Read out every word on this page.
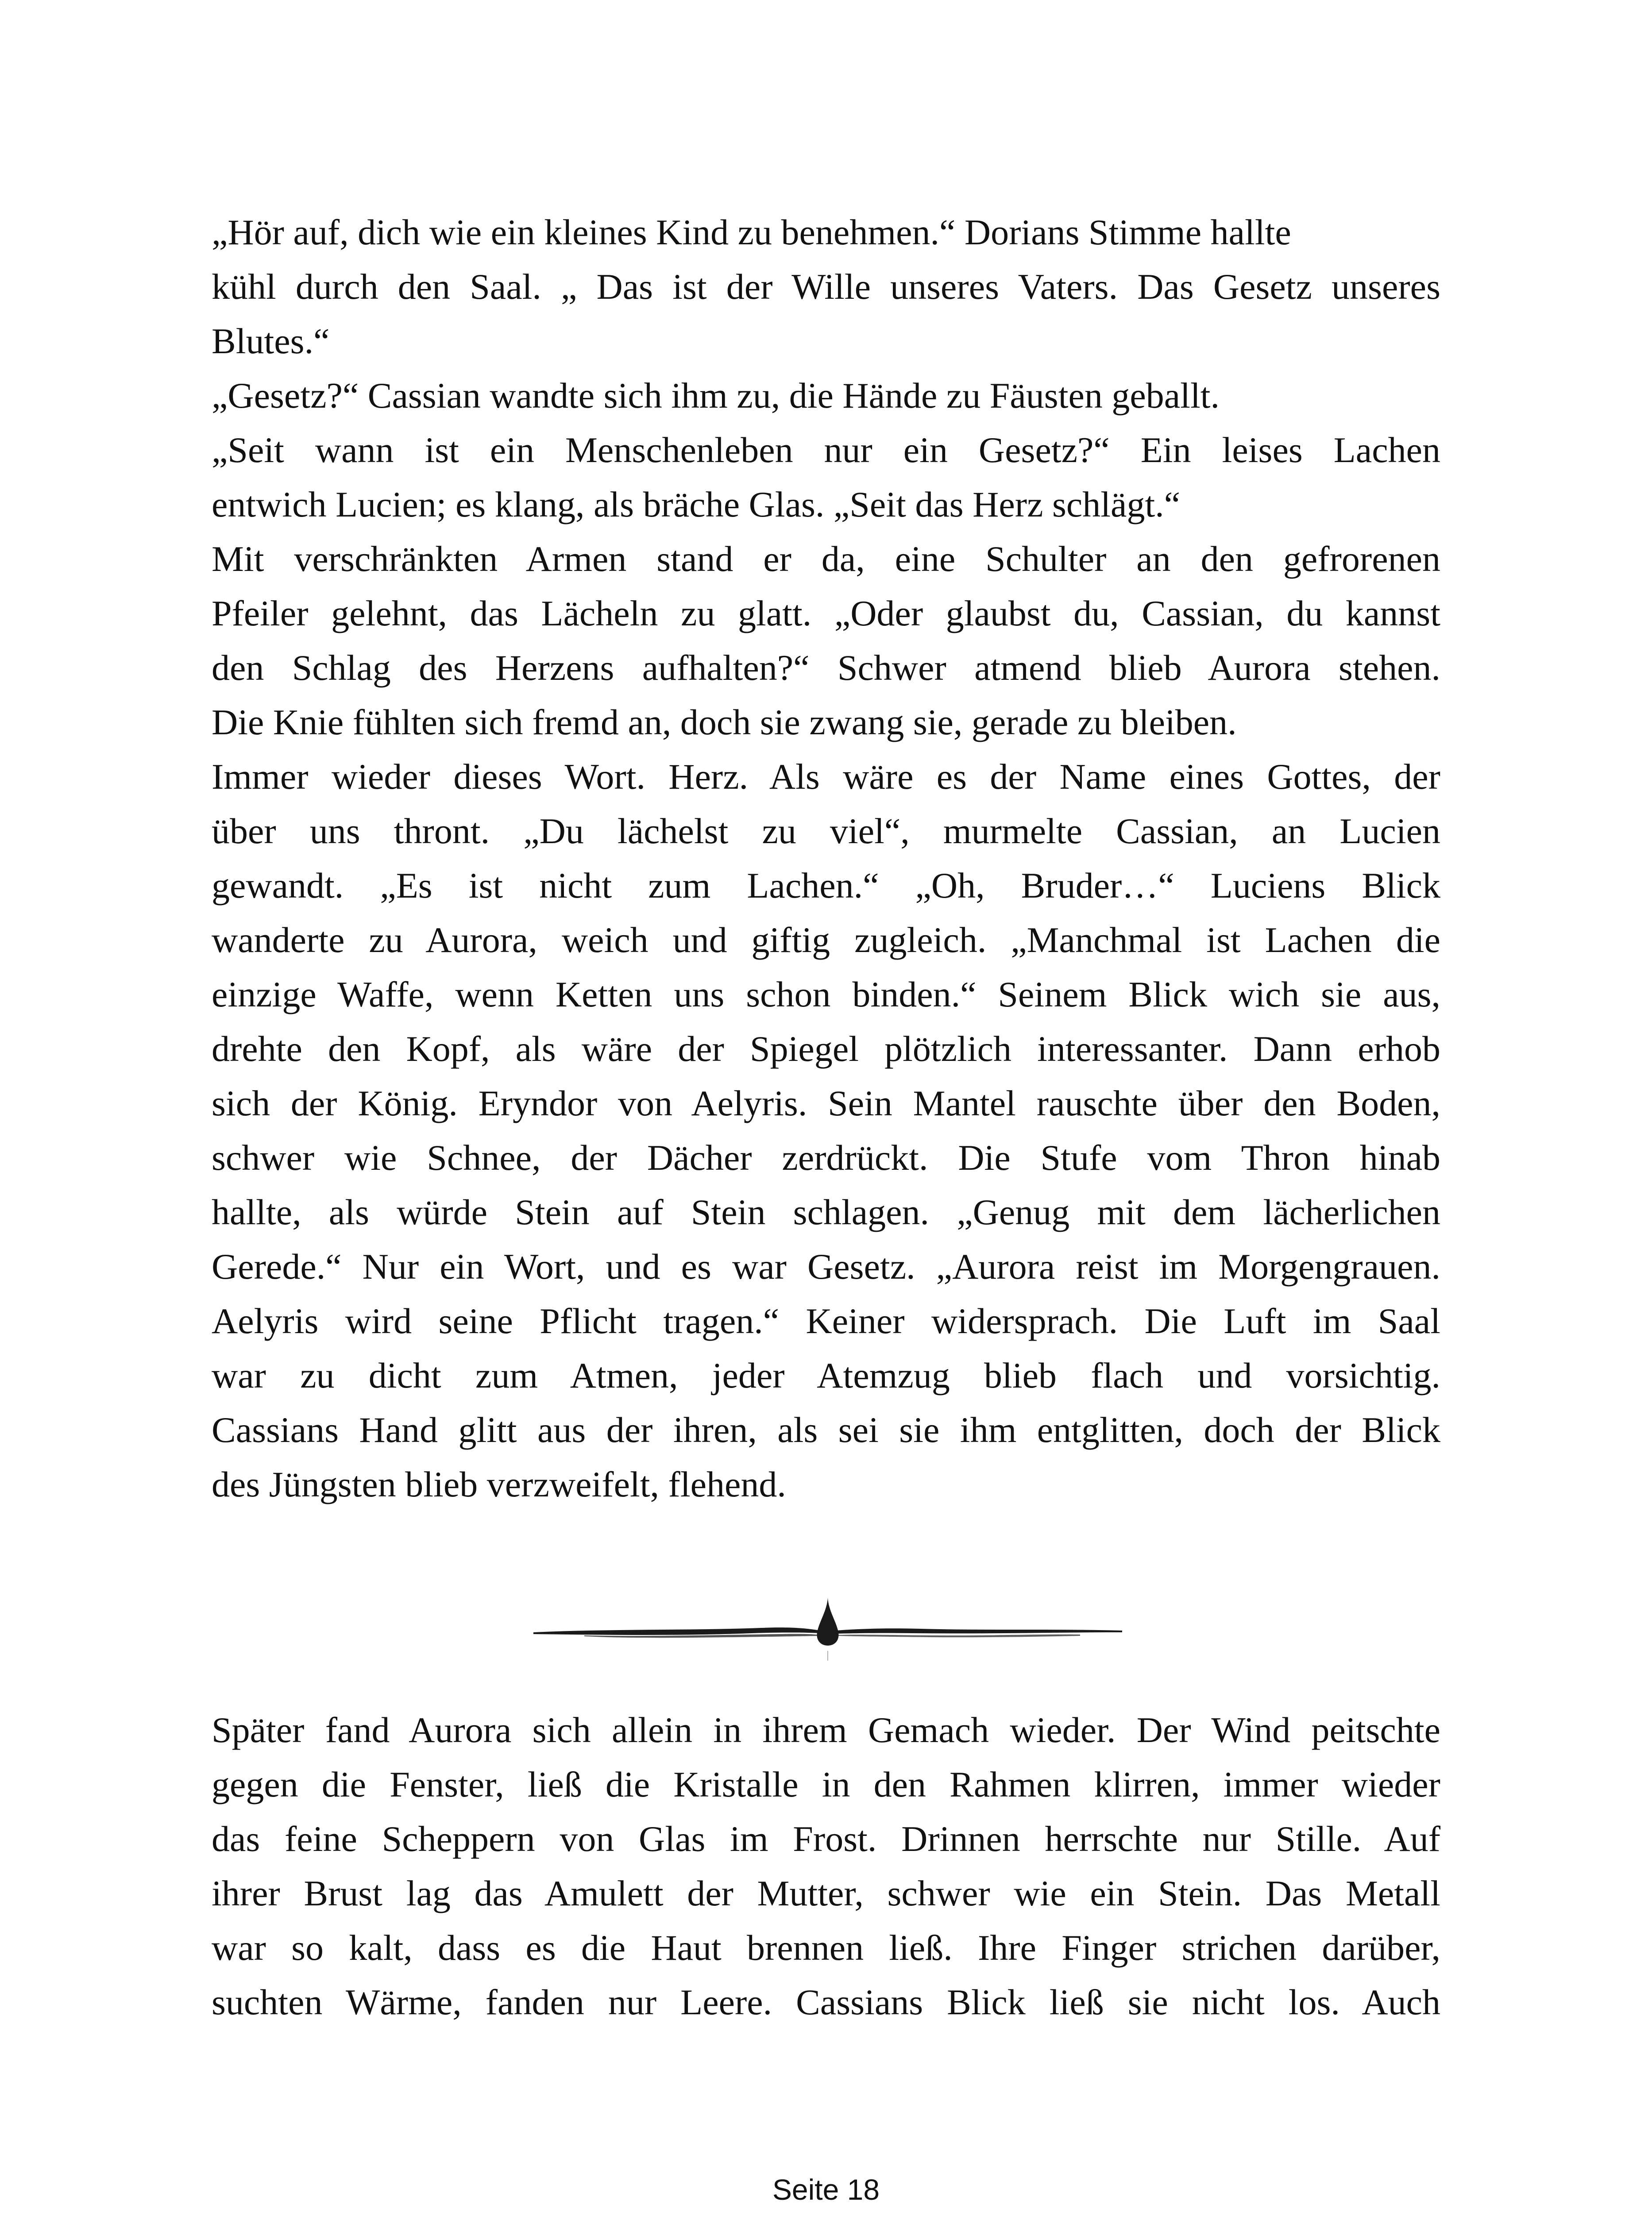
„Hör auf, dich wie ein kleines Kind zu benehmen.“ Dorians Stimme hallte
kühl durch den Saal. „ Das ist der Wille unseres Vaters. Das Gesetz unseres
Blutes.“
„Gesetz?“ Cassian wandte sich ihm zu, die Hände zu Fäusten geballt.
„Seit wann ist ein Menschenleben nur ein Gesetz?“ Ein leises Lachen
entwich Lucien; es klang, als bräche Glas. „Seit das Herz schlägt.“
Mit verschränkten Armen stand er da, eine Schulter an den gefrorenen
Pfeiler gelehnt, das Lächeln zu glatt. „Oder glaubst du, Cassian, du kannst
den Schlag des Herzens aufhalten?“ Schwer atmend blieb Aurora stehen.
Die Knie fühlten sich fremd an, doch sie zwang sie, gerade zu bleiben.
Immer wieder dieses Wort. Herz. Als wäre es der Name eines Gottes, der
über uns thront. „Du lächelst zu viel“, murmelte Cassian, an Lucien
gewandt. „Es ist nicht zum Lachen.“ „Oh, Bruder…“ Luciens Blick
wanderte zu Aurora, weich und giftig zugleich. „Manchmal ist Lachen die
einzige Waffe, wenn Ketten uns schon binden.“ Seinem Blick wich sie aus,
drehte den Kopf, als wäre der Spiegel plötzlich interessanter. Dann erhob
sich der König. Eryndor von Aelyris. Sein Mantel rauschte über den Boden,
schwer wie Schnee, der Dächer zerdrückt. Die Stufe vom Thron hinab
hallte, als würde Stein auf Stein schlagen. „Genug mit dem lächerlichen
Gerede.“ Nur ein Wort, und es war Gesetz. „Aurora reist im Morgengrauen.
Aelyris wird seine Pflicht tragen.“ Keiner widersprach. Die Luft im Saal
war zu dicht zum Atmen, jeder Atemzug blieb flach und vorsichtig.
Cassians Hand glitt aus der ihren, als sei sie ihm entglitten, doch der Blick
des Jüngsten blieb verzweifelt, flehend.
Später fand Aurora sich allein in ihrem Gemach wieder. Der Wind peitschte
gegen die Fenster, ließ die Kristalle in den Rahmen klirren, immer wieder
das feine Scheppern von Glas im Frost. Drinnen herrschte nur Stille. Auf
ihrer Brust lag das Amulett der Mutter, schwer wie ein Stein. Das Metall
war so kalt, dass es die Haut brennen ließ. Ihre Finger strichen darüber,
suchten Wärme, fanden nur Leere. Cassians Blick ließ sie nicht los. Auch
Seite 18
